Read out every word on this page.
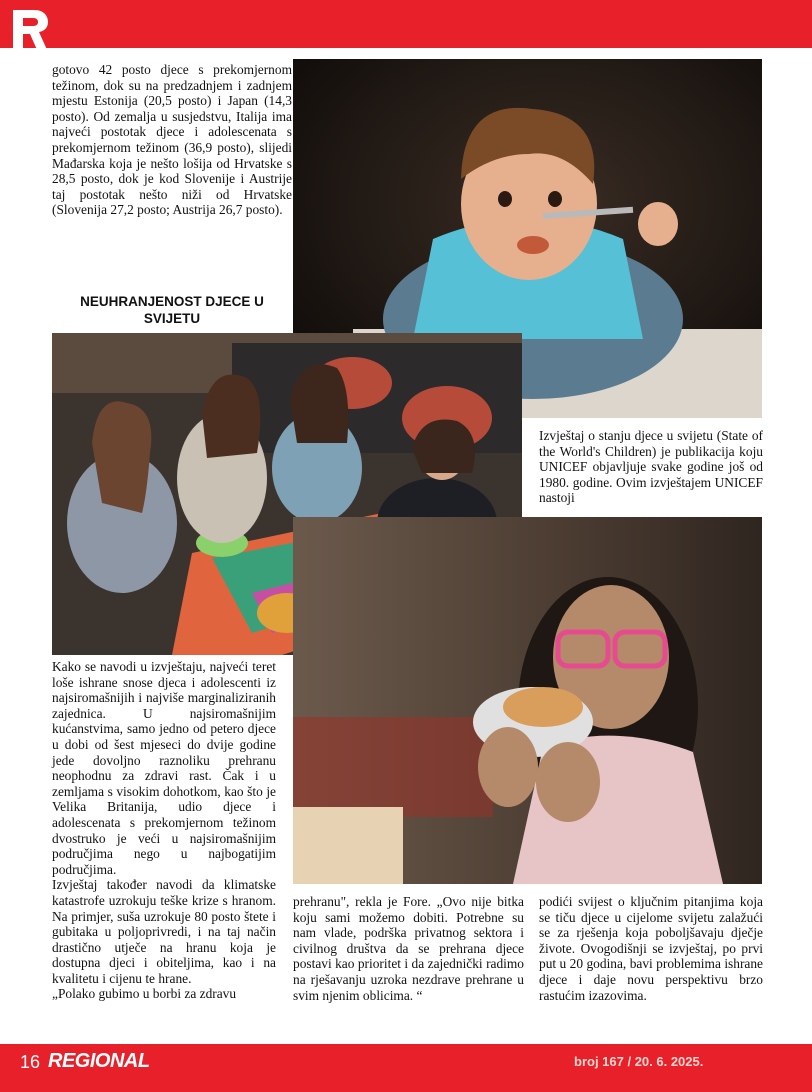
gotovo 42 posto djece s prekomjernom težinom, dok su na predzadnjem i zadnjem mjestu Estonija (20,5 posto) i Japan (14,3 posto). Od zemalja u susjedstvu, Italija ima najveći postotak djece i adolescenata s prekomjernom težinom (36,9 posto), slijedi Mađarska koja je nešto lošija od Hrvatske s 28,5 posto, dok je kod Slovenije i Austrije taj postotak nešto niži od Hrvatske (Slovenija 27,2 posto; Austrija 26,7 posto).

NEUHRANJENOST DJECE U SVIJETU

Izvještaj o stanju djece u svijetu (State of the World's Children) je publikacija koju UNICEF objavljuje svake godine još od 1980. godine. Ovim izvještajem UNICEF nastoji

Kako se navodi u izvještaju, najveći teret loše ishrane snose djeca i adolescenti iz najsiromašnijih i najviše marginaliziranih zajednica. U najsiromašnijim kućanstvima, samo jedno od petero djece u dobi od šest mjeseci do dvije godine jede dovoljno raznoliku prehranu neophodnu za zdravi rast. Čak i u zemljama s visokim dohotkom, kao što je Velika Britanija, udio djece i adolescenata s prekomjernom težinom dvostruko je veći u najsiromašnijim područjima nego u najbogatijim područjima.

Izvještaj također navodi da klimatske katastrofe uzrokuju teške krize s hranom. Na primjer, suša uzrokuje 80 posto štete i gubitaka u poljoprivredi, i na taj način drastično utječe na hranu koja je dostupna djeci i obiteljima, kao i na kvalitetu i cijenu te hrane.

„Polako gubimo u borbi za zdravu

prehranu", rekla je Fore. „Ovo nije bitka koju sami možemo dobiti. Potrebne su nam vlade, podrška privatnog sektora i civilnog društva da se prehrana djece postavi kao prioritet i da zajednički radimo na rješavanju uzroka nezdrave prehrane u svim njenim oblicima. “

podići svijest o ključnim pitanjima koja se tiču djece u cijelome svijetu zalažući se za rješenja koja poboljšavaju dječje živote. Ovogodišnji se izvještaj, po prvi put u 20 godina, bavi problemima ishrane djece i daje novu perspektivu brzo rastućim izazovima.

16 REGIONAL	broj 167 / 20. 6. 2025.
